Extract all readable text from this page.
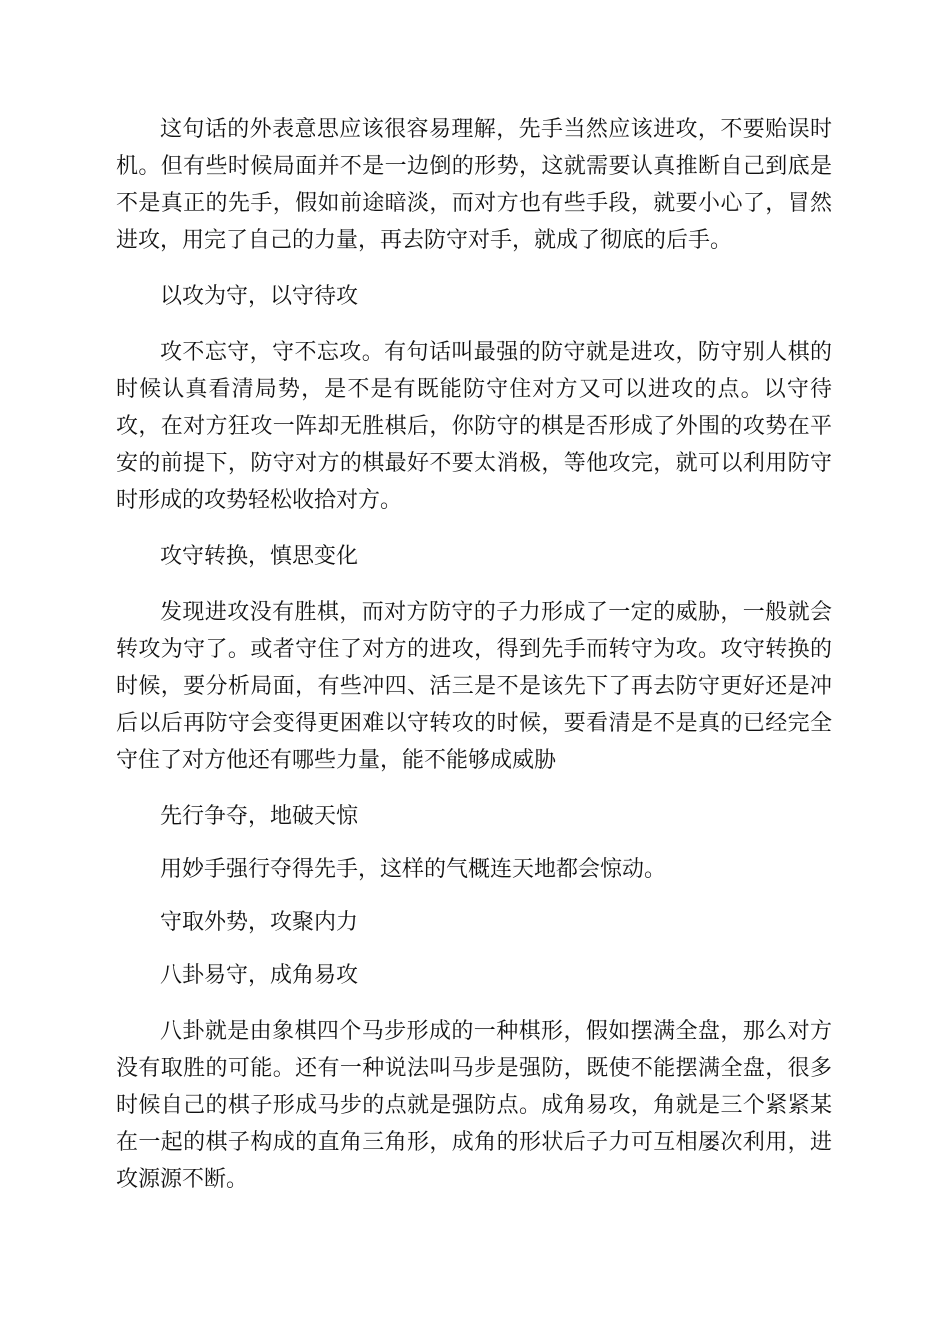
这句话的外表意思应该很容易理解，先手当然应该进攻，不要贻误时机。但有些时候局面并不是一边倒的形势，这就需要认真推断自己到底是不是真正的先手，假如前途暗淡，而对方也有些手段，就要小心了，冒然进攻，用完了自己的力量，再去防守对手，就成了彻底的后手。

以攻为守，以守待攻

攻不忘守，守不忘攻。有句话叫最强的防守就是进攻，防守别人棋的时候认真看清局势，是不是有既能防守住对方又可以进攻的点。以守待攻，在对方狂攻一阵却无胜棋后，你防守的棋是否形成了外围的攻势在平安的前提下，防守对方的棋最好不要太消极，等他攻完，就可以利用防守时形成的攻势轻松收拾对方。

攻守转换，慎思变化

发现进攻没有胜棋，而对方防守的子力形成了一定的威胁，一般就会转攻为守了。或者守住了对方的进攻，得到先手而转守为攻。攻守转换的时候，要分析局面，有些冲四、活三是不是该先下了再去防守更好还是冲后以后再防守会变得更困难以守转攻的时候，要看清是不是真的已经完全守住了对方他还有哪些力量，能不能够成威胁

先行争夺，地破天惊

用妙手强行夺得先手，这样的气概连天地都会惊动。

守取外势，攻聚内力

八卦易守，成角易攻

八卦就是由象棋四个马步形成的一种棋形，假如摆满全盘，那么对方没有取胜的可能。还有一种说法叫马步是强防，既使不能摆满全盘，很多时候自己的棋子形成马步的点就是强防点。成角易攻，角就是三个紧紧某在一起的棋子构成的直角三角形，成角的形状后子力可互相屡次利用，进攻源源不断。
